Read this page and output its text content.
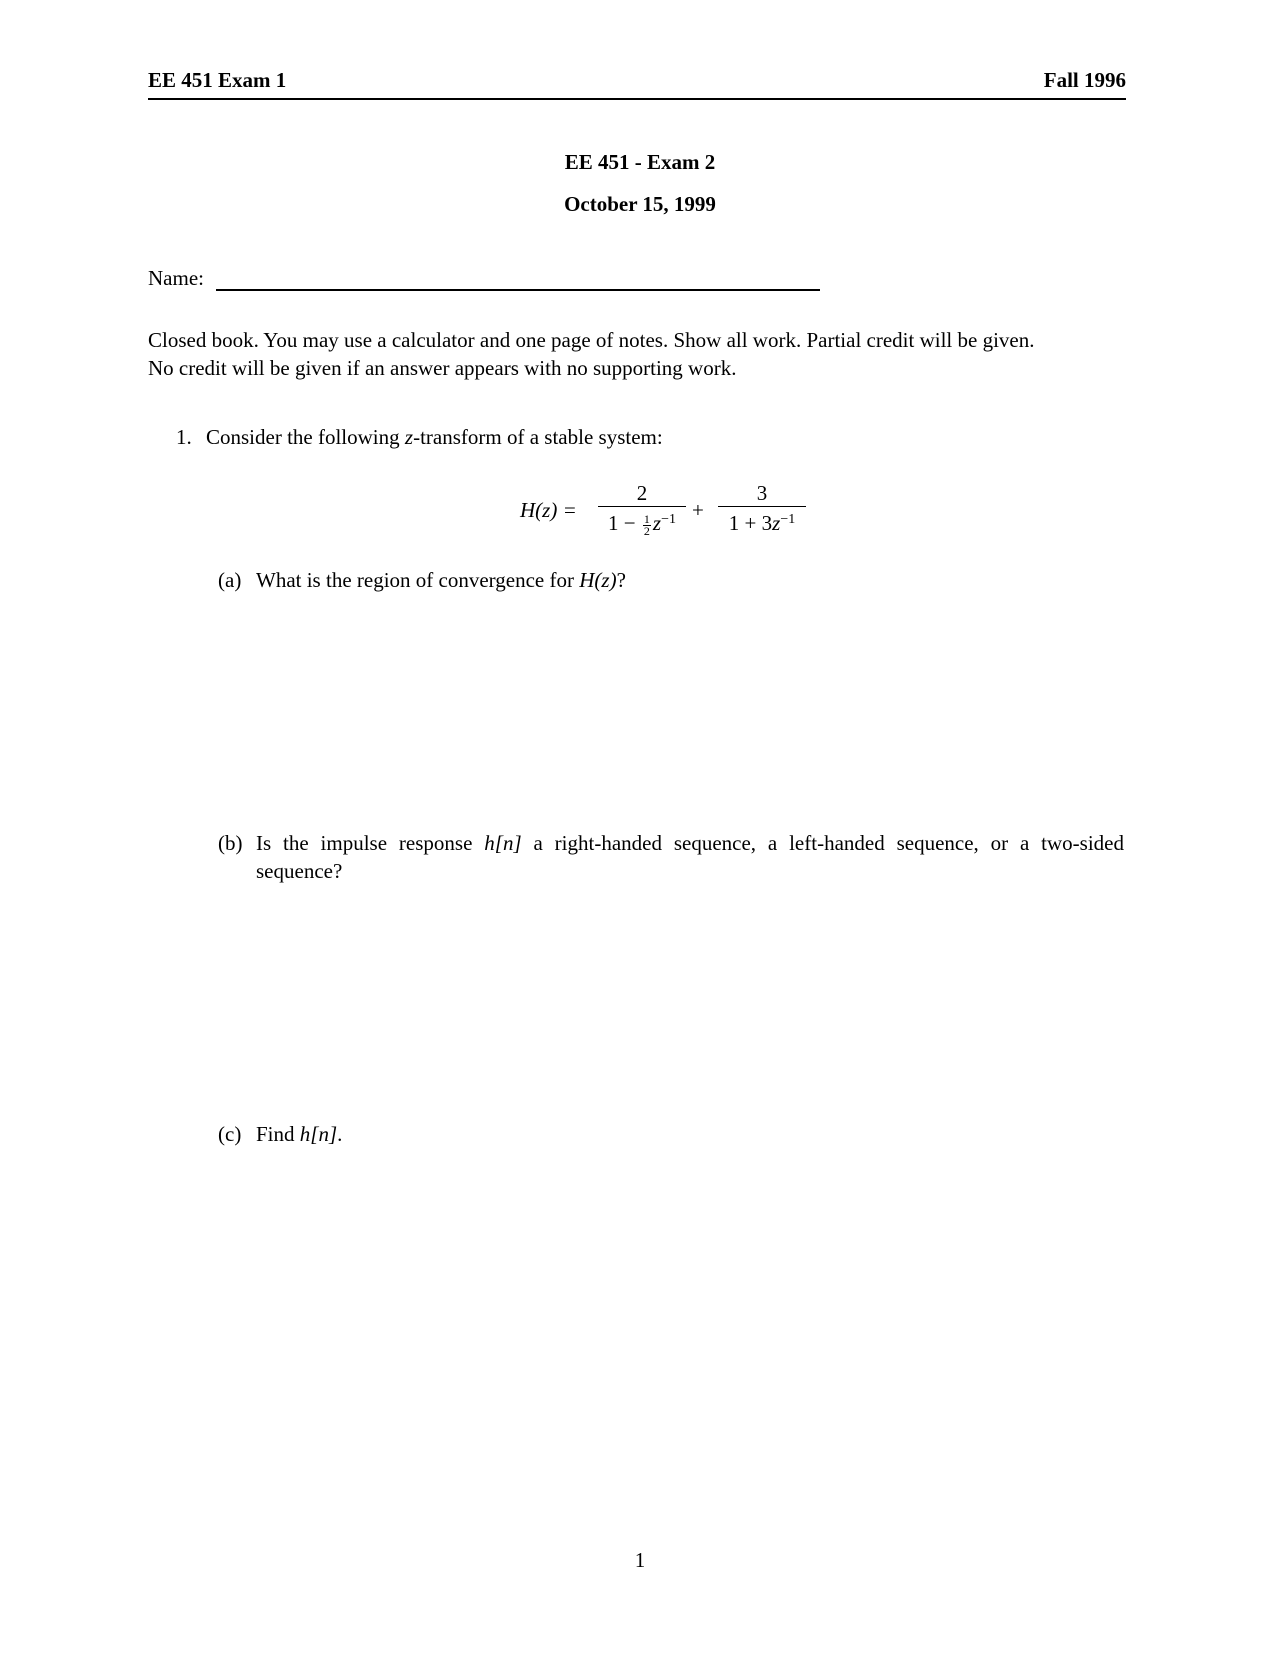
EE 451 Exam 1	Fall 1996
EE 451 - Exam 2
October 15, 1999
Name:

Closed book. You may use a calculator and one page of notes. Show all work. Partial credit will be given.

No credit will be given if an answer appears with no supporting work.

1. Consider the following z-transform of a stable system:
H(z) =
2
$1 - \frac{1}{2} z^{-1}$ +
3
$1 + 3z^{-1}$
(a) What is the region of convergence for H(z)?
(b) Is the impulse response h[n] a right-handed sequence, a left-handed sequence, or a two-sided sequence?
(c) Find h[n].
1
